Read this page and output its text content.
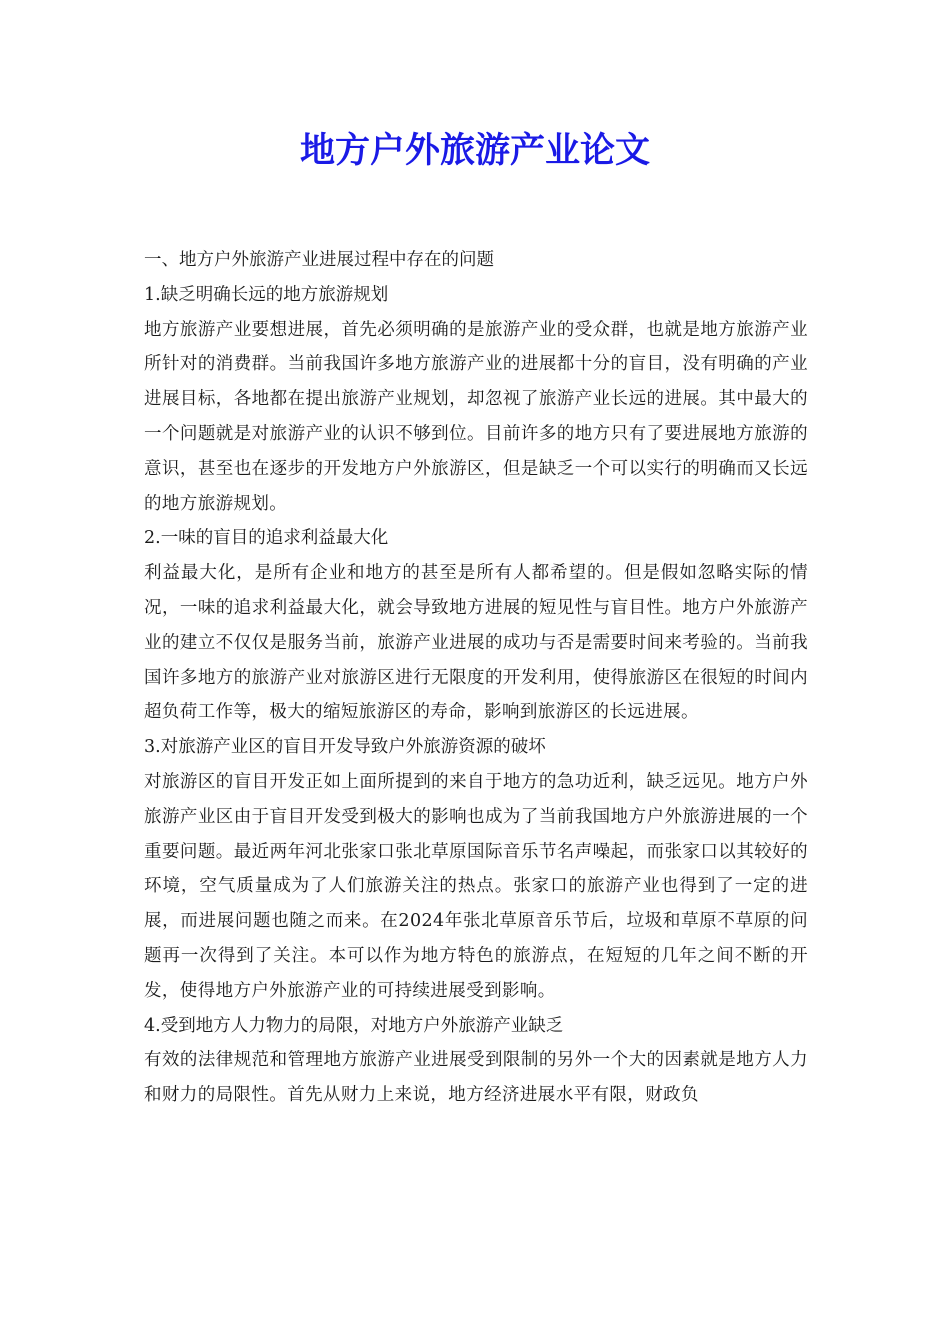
地方户外旅游产业论文

一、地方户外旅游产业进展过程中存在的问题

1.缺乏明确长远的地方旅游规划

地方旅游产业要想进展，首先必须明确的是旅游产业的受众群，也就是地方旅游产业所针对的消费群。当前我国许多地方旅游产业的进展都十分的盲目，没有明确的产业进展目标，各地都在提出旅游产业规划，却忽视了旅游产业长远的进展。其中最大的一个问题就是对旅游产业的认识不够到位。目前许多的地方只有了要进展地方旅游的意识，甚至也在逐步的开发地方户外旅游区，但是缺乏一个可以实行的明确而又长远的地方旅游规划。

2.一味的盲目的追求利益最大化

利益最大化，是所有企业和地方的甚至是所有人都希望的。但是假如忽略实际的情况，一味的追求利益最大化，就会导致地方进展的短见性与盲目性。地方户外旅游产业的建立不仅仅是服务当前，旅游产业进展的成功与否是需要时间来考验的。当前我国许多地方的旅游产业对旅游区进行无限度的开发利用，使得旅游区在很短的时间内超负荷工作等，极大的缩短旅游区的寿命，影响到旅游区的长远进展。

3.对旅游产业区的盲目开发导致户外旅游资源的破坏

对旅游区的盲目开发正如上面所提到的来自于地方的急功近利，缺乏远见。地方户外旅游产业区由于盲目开发受到极大的影响也成为了当前我国地方户外旅游进展的一个重要问题。最近两年河北张家口张北草原国际音乐节名声噪起，而张家口以其较好的环境，空气质量成为了人们旅游关注的热点。张家口的旅游产业也得到了一定的进展，而进展问题也随之而来。在2024年张北草原音乐节后，垃圾和草原不草原的问题再一次得到了关注。本可以作为地方特色的旅游点，在短短的几年之间不断的开发，使得地方户外旅游产业的可持续进展受到影响。

4.受到地方人力物力的局限，对地方户外旅游产业缺乏

有效的法律规范和管理地方旅游产业进展受到限制的另外一个大的因素就是地方人力和财力的局限性。首先从财力上来说，地方经济进展水平有限，财政负
